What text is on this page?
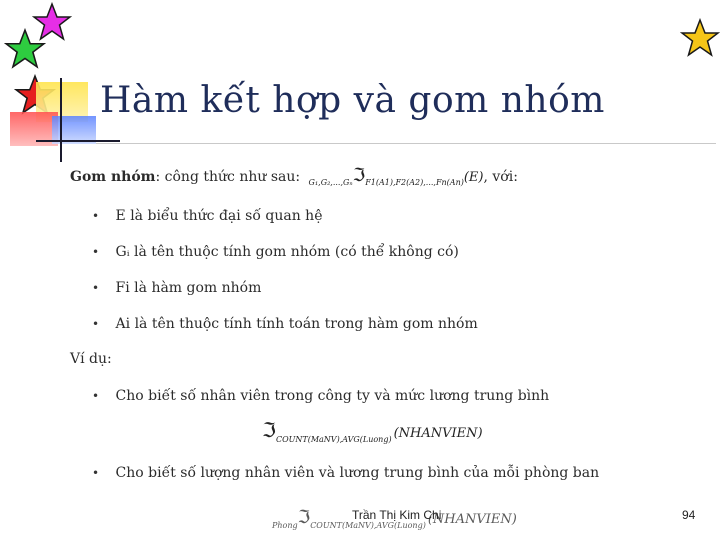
Hàm kết hợp và gom nhóm
Gom nhóm: công thức như sau: $_{G_1,G_2,...,G_n}$ℑ$_{F1(A1),F2(A2),...,Fn(An)}$(E), với:
• E là biểu thức đại số quan hệ
• Gᵢ là tên thuộc tính gom nhóm (có thể không có)
• Fi là hàm gom nhóm
• Ai là tên thuộc tính tính toán trong hàm gom nhóm
Ví dụ:
• Cho biết số nhân viên trong công ty và mức lương trung bình
ℑ$_{COUNT(MaNV),AVG(Luong)}$ (NHANVIEN)
• Cho biết số lượng nhân viên và lương trung bình của mỗi phòng ban
$_{Phong}$ℑ$_{COUNT(MaNV),AVG(Luong)}$ (NHANVIEN)
Trần Thị Kim Chi	94
